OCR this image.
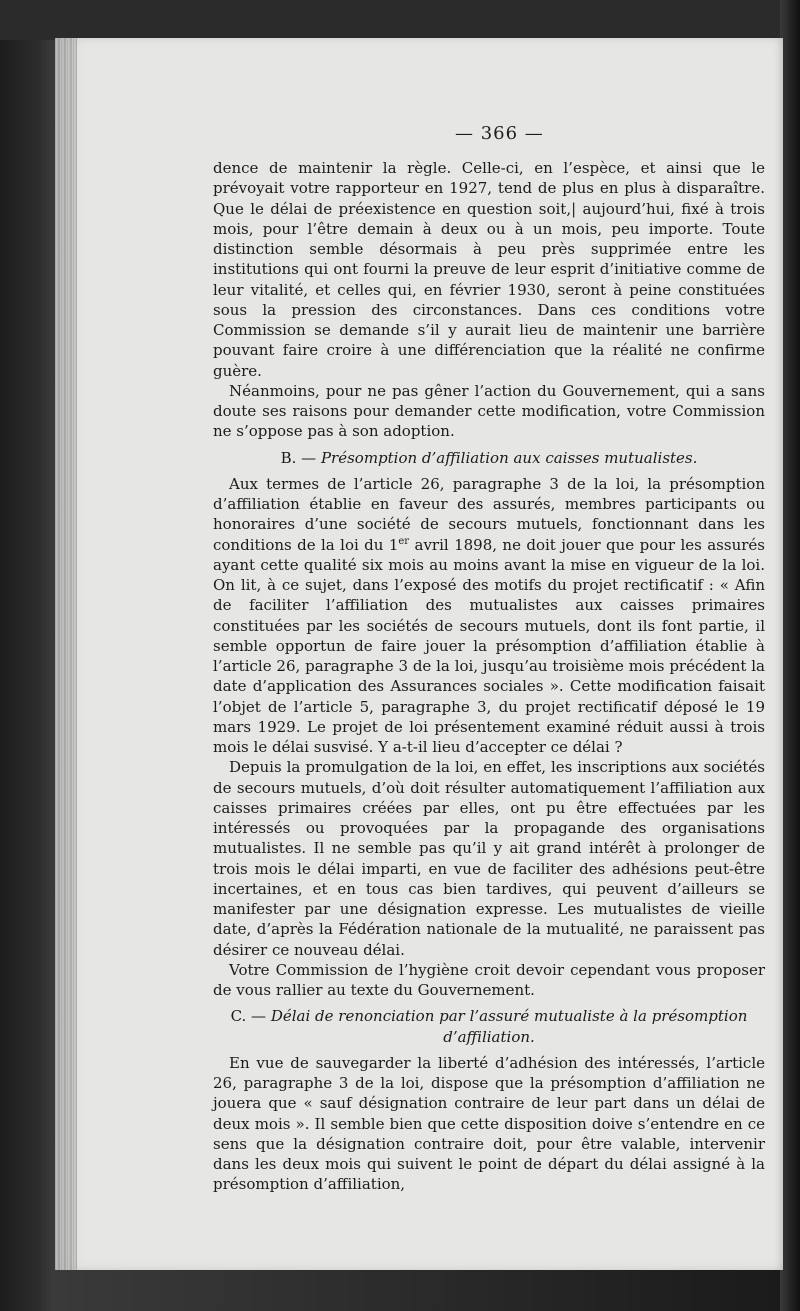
— 366 —

dence de maintenir la règle. Celle-ci, en l’espèce, et ainsi que le prévoyait votre rapporteur en 1927, tend de plus en plus à disparaître. Que le délai de préexistence en question soit,| aujourd’hui, fixé à trois mois, pour l’être demain à deux ou à un mois, peu importe. Toute distinction semble désormais à peu près supprimée entre les institutions qui ont fourni la preuve de leur esprit d’initiative comme de leur vitalité, et celles qui, en février 1930, seront à peine constituées sous la pression des circonstances. Dans ces conditions votre Commission se demande s’il y aurait lieu de maintenir une barrière pouvant faire croire à une différenciation que la réalité ne confirme guère.

Néanmoins, pour ne pas gêner l’action du Gouvernement, qui a sans doute ses raisons pour demander cette modification, votre Commission ne s’oppose pas à son adoption.

B. — Présomption d’affiliation aux caisses mutualistes.

Aux termes de l’article 26, paragraphe 3 de la loi, la présomption d’affiliation établie en faveur des assurés, membres participants ou honoraires d’une société de secours mutuels, fonctionnant dans les conditions de la loi du 1er avril 1898, ne doit jouer que pour les assurés ayant cette qualité six mois au moins avant la mise en vigueur de la loi. On lit, à ce sujet, dans l’exposé des motifs du projet rectificatif : « Afin de faciliter l’affiliation des mutualistes aux caisses primaires constituées par les sociétés de secours mutuels, dont ils font partie, il semble opportun de faire jouer la présomption d’affiliation établie à l’article 26, paragraphe 3 de la loi, jusqu’au troisième mois précédent la date d’application des Assurances sociales ». Cette modification faisait l’objet de l’article 5, paragraphe 3, du projet rectificatif déposé le 19 mars 1929. Le projet de loi présentement examiné réduit aussi à trois mois le délai susvisé. Y a-t-il lieu d’accepter ce délai ?

Depuis la promulgation de la loi, en effet, les inscriptions aux sociétés de secours mutuels, d’où doit résulter automatiquement l’affiliation aux caisses primaires créées par elles, ont pu être effectuées par les intéressés ou provoquées par la propagande des organisations mutualistes. Il ne semble pas qu’il y ait grand intérêt à prolonger de trois mois le délai imparti, en vue de faciliter des adhésions peut-être incertaines, et en tous cas bien tardives, qui peuvent d’ailleurs se manifester par une désignation expresse. Les mutualistes de vieille date, d’après la Fédération nationale de la mutualité, ne paraissent pas désirer ce nouveau délai.

Votre Commission de l’hygiène croit devoir cependant vous proposer de vous rallier au texte du Gouvernement.

C. — Délai de renonciation par l’assuré mutualiste à la présomption d’affiliation.

En vue de sauvegarder la liberté d’adhésion des intéressés, l’article 26, paragraphe 3 de la loi, dispose que la présomption d’affiliation ne jouera que « sauf désignation contraire de leur part dans un délai de deux mois ». Il semble bien que cette disposition doive s’entendre en ce sens que la désignation contraire doit, pour être valable, intervenir dans les deux mois qui suivent le point de départ du délai assigné à la présomption d’affiliation,
